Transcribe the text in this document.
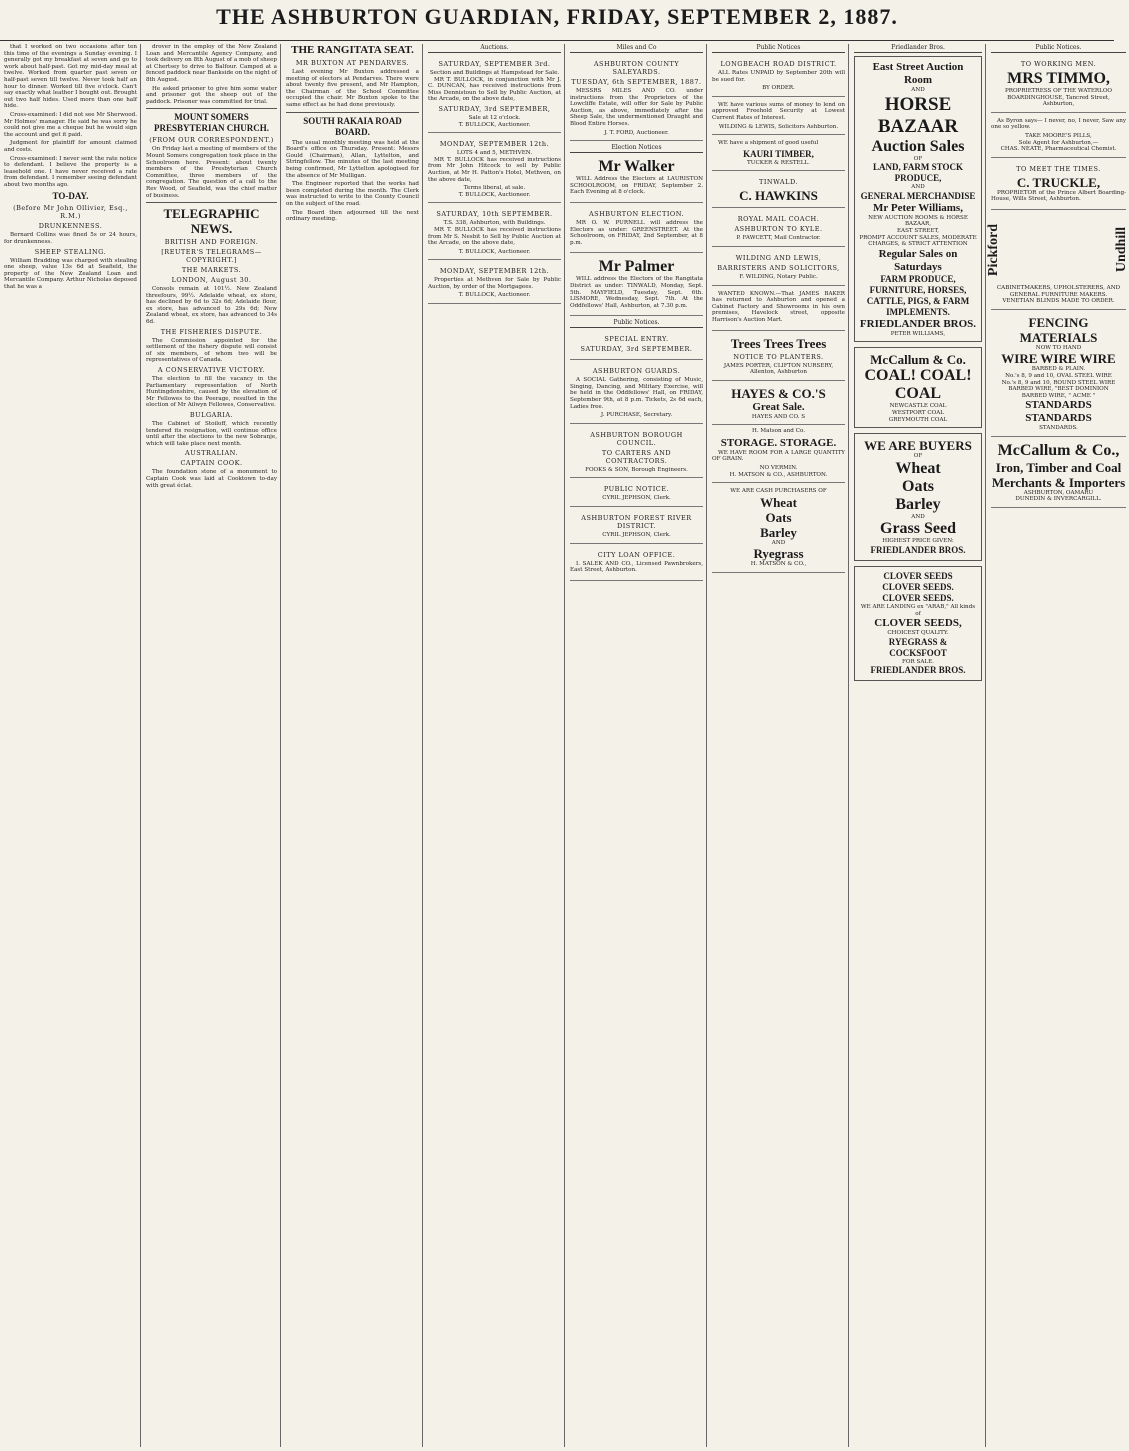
THE ASHBURTON GUARDIAN, FRIDAY, SEPTEMBER 2, 1887.

that I worked on two occasions after ten this time of the evenings a Sunday evening. I generally got my breakfast at seven and go to work about half-past. Got my mid-day meal at twelve. Worked from quarter past seven or half-past seven till twelve. Never took half an hour to dinner. Worked till five o'clock. Can't say exactly what leather I bought out. Brought out two half hides. Used more than one half hide.

Cross-examined: I did not see Mr Sherwood. Mr Holmes' manager. He said he was sorry he could not give me a cheque but he would sign the account and get it paid.

Judgment for plaintiff for amount claimed and costs.

Cross-examined: I never sent the rate notice to defendant. I believe the property is a leasehold one. I have never received a rate from defendant. I remember seeing defendant about two months ago.

TO-DAY.
(Before Mr John Ollivier, Esq., R.M.)
DRUNKENNESS.

Bernard Collins was fined 5s or 24 hours, for drunkenness.

SHEEP STEALING.

William Bradding was charged with stealing one sheep, value 13s 6d at Seafield, the property of the New Zealand Loan and Mercantile Company. Arthur Nicholas deposed that he was a

drover in the employ of the New Zealand Loan and Mercantile Agency Company, and took delivery on 8th August of a mob of sheep at Chertsey to drive to Balfour. Camped at a fenced paddock near Bankside on the night of 8th August.

He asked prisoner to give him some water and prisoner got the sheep out of the paddock. Prisoner was committed for trial.

MOUNT SOMERS PRESBYTERIAN CHURCH.
(FROM OUR CORRESPONDENT.)

On Friday last a meeting of members of the Mount Somers congregation took place in the Schoolroom here. Present: about twenty members of the Presbyterian Church Committee, three members of the congregation. The question of a call to the Rev Wood, of Seafield, was the chief matter of business.

TELEGRAPHIC NEWS.
BRITISH AND FOREIGN.
[REUTER'S TELEGRAMS—COPYRIGHT.]
THE MARKETS.
LONDON, August 30.

Consols remain at 101½. New Zealand threefours, 99½. Adelaide wheat, ex store, has declined by 6d to 32s 6d; Adelaide flour, ex store, has advanced to 29s 6d; New Zealand wheat, ex store, has advanced to 34s 6d.

THE FISHERIES DISPUTE.

The Commission appointed for the settlement of the fishery dispute will consist of six members, of whom two will be representatives of Canada.

A CONSERVATIVE VICTORY.

The election to fill the vacancy in the Parliamentary representation of North Huntingdonshire, caused by the elevation of Mr Fellowes to the Peerage, resulted in the election of Mr Ailwyn Fellowes, Conservative.

BULGARIA.

The Cabinet of Stoiloff, which recently tendered its resignation, will continue office until after the elections to the new Sobranje, which will take place next month.

AUSTRALIAN.
CAPTAIN COOK.

The foundation stone of a monument to Captain Cook was laid at Cooktown to-day with great éclat.

THE RANGITATA SEAT.
MR BUXTON AT PENDARVES.

Last evening Mr Buxton addressed a meeting of electors at Pendarves. There were about twenty five present, and Mr Hampton, the Chairman of the School Committee occupied the chair. Mr Buxton spoke to the same effect as he had done previously.

SOUTH RAKAIA ROAD BOARD.

The usual monthly meeting was held at the Board's office on Thursday. Present: Messrs Gould (Chairman), Allan, Lyttelton, and Stringfellow. The minutes of the last meeting being confirmed, Mr Lyttelton apologised for the absence of Mr Mulligan.

The Engineer reported that the works had been completed during the month. The Clerk was instructed to write to the County Council on the subject of the road.

The Board then adjourned till the next ordinary meeting.

Auctions.
SATURDAY, SEPTEMBER 3rd.
Section and Buildings at Hampstead for Sale.

MR T. BULLOCK, in conjunction with Mr J. C. DUNCAN, has received instructions from Miss Dennistoun to Sell by Public Auction, at the Arcade, on the above date,

SATURDAY, 3rd SEPTEMBER,
Sale at 12 o'clock.
T. BULLOCK, Auctioneer.
MONDAY, SEPTEMBER 12th.
LOTS 4 and 5, METHVEN.

MR T. BULLOCK has received instructions from Mr John Hitcock to sell by Public Auction, at Mr H. Patton's Hotel, Methven, on the above date,

Terms liberal, at sale.
T. BULLOCK, Auctioneer.
SATURDAY, 10th SEPTEMBER.
T.S. 338, Ashburton, with Buildings.

MR T. BULLOCK has received instructions from Mr S. Nesbit to Sell by Public Auction at the Arcade, on the above date,

T. BULLOCK, Auctioneer.
MONDAY, SEPTEMBER 12th.

Properties at Methven for Sale by Public Auction, by order of the Mortgagees.

T. BULLOCK, Auctioneer.
Miles and Co
ASHBURTON COUNTY SALEYARDS.
TUESDAY, 6th SEPTEMBER, 1887.

MESSRS MILES AND CO. under instructions from the Proprietors of the Lowcliffe Estate, will offer for Sale by Public Auction, as above, immediately after the Sheep Sale, the undermentioned Draught and Blood Entire Horses.

J. T. FORD, Auctioneer.
Election Notices
Mr Walker

WILL Address the Electors at LAURISTON SCHOOLROOM, on FRIDAY, September 2. Each Evening at 8 o'clock.

ASHBURTON ELECTION.

MR O. W. PURNELL will address the Electors as under: GREENSTREET. At the Schoolroom, on FRIDAY, 2nd September, at 8 p.m.

Mr Palmer

WILL address the Electors of the Rangitata District as under: TINWALD, Monday, Sept. 5th. MAYFIELD, Tuesday, Sept. 6th. LISMORE, Wednesday, Sept. 7th. At the Oddfellows' Hall, Ashburton, at 7.30 p.m.

Public Notices.
SPECIAL ENTRY.
SATURDAY, 3rd SEPTEMBER.
ASHBURTON GUARDS.

A SOCIAL Gathering, consisting of Music, Singing, Dancing, and Military Exercise, will be held in the Oddfellows' Hall, on FRIDAY, September 9th, at 8 p.m. Tickets, 2s 6d each, Ladies free.

J. PURCHASE, Secretary.
ASHBURTON BOROUGH COUNCIL.
TO CARTERS AND CONTRACTORS.
FOOKS & SON, Borough Engineers.
PUBLIC NOTICE.
CYRIL JEPHSON, Clerk.
ASHBURTON FOREST RIVER DISTRICT.
CYRIL JEPHSON, Clerk.
CITY LOAN OFFICE.

I. SALEK AND CO., Licensed Pawnbrokers, East Street, Ashburton.

Public Notices
LONGBEACH ROAD DISTRICT.

ALL Rates UNPAID by September 20th will be sued for.

BY ORDER.

WE have various sums of money to lend on approved Freehold Security at Lowest Current Rates of Interest.

WILDING & LEWIS, Solicitors Ashburton.

WE have a shipment of good useful

KAURI TIMBER,
TUCKER & RESTELL.
TINWALD.
C. HAWKINS
ROYAL MAIL COACH.
ASHBURTON TO KYLE.
P. FAWCETT, Mail Contractor.
WILDING AND LEWIS,
BARRISTERS AND SOLICITORS,
F. WILDING, Notary Public.

WANTED KNOWN.—That JAMES BAKER has returned to Ashburton and opened a Cabinet Factory and Showrooms in his own premises, Havelock street, opposite Harrison's Auction Mart.

Trees Trees Trees
NOTICE TO PLANTERS.
JAMES PORTER, CLIFTON NURSERY, Allenton, Ashburton
HAYES & CO.'S
Great Sale.
HAYES AND CO. S
H. Matson and Co.
STORAGE. STORAGE.

WE HAVE ROOM FOR A LARGE QUANTITY OF GRAIN.

NO VERMIN.
H. MATSON & CO., ASHBURTON.
WE ARE CASH PURCHASERS OF
Wheat
Oats
Barley
AND
Ryegrass
H. MATSON & CO.,
Friedlander Bros.
East Street Auction Room
AND
HORSE BAZAAR
Auction Sales
OF
LAND, FARM STOCK
PRODUCE,
AND
GENERAL MERCHANDISE
Mr Peter Williams,
NEW AUCTION ROOMS & HORSE BAZAAR,
EAST STREET,
PROMPT ACCOUNT SALES, MODERATE CHARGES, & STRICT ATTENTION
Regular Sales on Saturdays
FARM PRODUCE, FURNITURE, HORSES, CATTLE, PIGS, & FARM IMPLEMENTS.
FRIEDLANDER BROS.
PETER WILLIAMS,
McCallum & Co.
COAL! COAL! COAL
NEWCASTLE COAL
WESTPORT COAL
GREYMOUTH COAL
WE ARE BUYERS
OF
Wheat
Oats
Barley
AND
Grass Seed
HIGHEST PRICE GIVEN:
FRIEDLANDER BROS.
CLOVER SEEDS
CLOVER SEEDS.
CLOVER SEEDS.
WE ARE LANDING ex "ARAB," All kinds of
CLOVER SEEDS,
CHOICEST QUALITY.
RYEGRASS & COCKSFOOT
FOR SALE.
FRIEDLANDER BROS.
Public Notices.
TO WORKING MEN.
MRS TIMMO,
PROPRIETRESS OF THE WATERLOO BOARDINGHOUSE, Tancred Street, Ashburton,

As Byron says— I never, no, I never, Saw any one so yellow.

TAKE MOORE'S PILLS,
Sole Agent for Ashburton,—
CHAS. NEATE, Pharmaceutical Chemist.
TO MEET THE TIMES.
C. TRUCKLE,

PROPRIETOR of the Prince Albert Boarding-House, Wills Street, Ashburton.

Pickford	Undhill
CABINETMAKERS, UPHOLSTERERS, AND GENERAL FURNITURE MAKERS.
VENETIAN BLINDS MADE TO ORDER.
FENCING MATERIALS
NOW TO HAND
WIRE WIRE WIRE
BARBED & PLAIN.
No.'s 8, 9 and 10, OVAL STEEL WIRE
No.'s 8, 9 and 10, ROUND STEEL WIRE
BARBED WIRE, "BEST DOMINION
BARBED WIRE, " ACME "
STANDARDS STANDARDS
STANDARDS.
McCallum & Co.,
Iron, Timber and Coal
Merchants & Importers
ASHBURTON, OAMARU
DUNEDIN & INVERCARGILL.
